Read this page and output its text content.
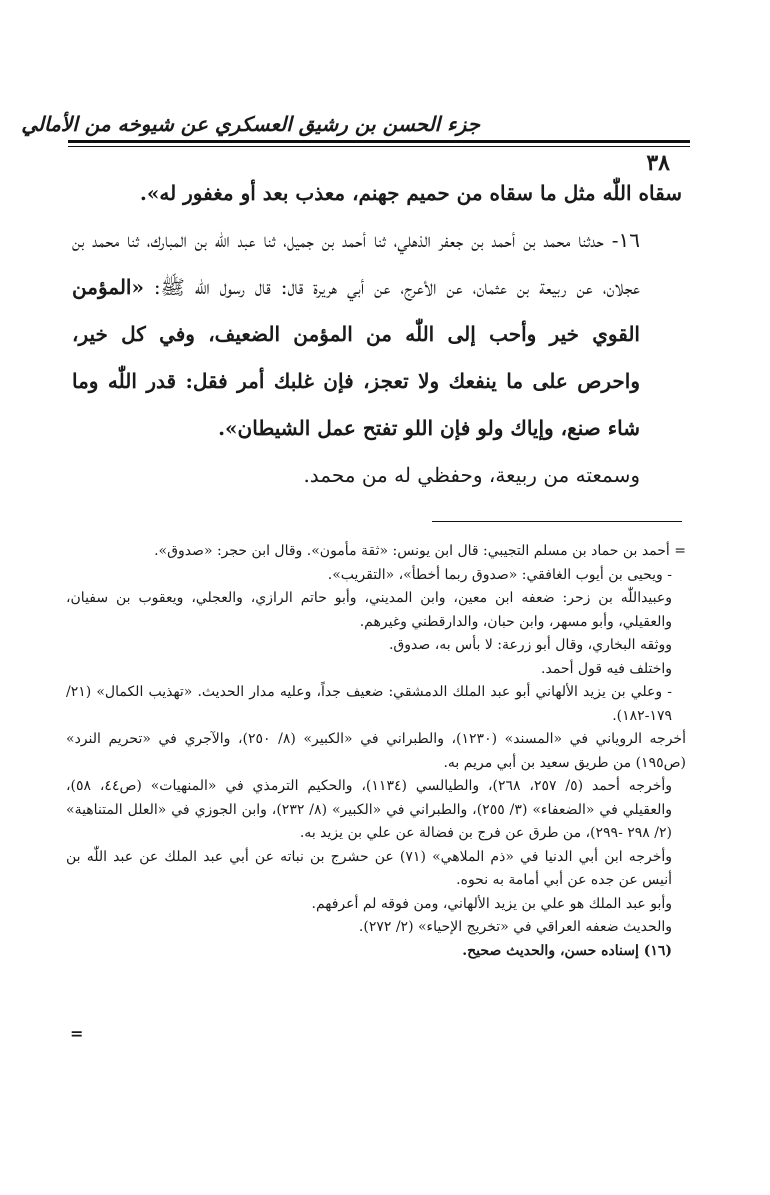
جزء الحسن بن رشيق العسكري عن شيوخه من الأمالي
٣٨

سقاه اللّٰه مثل ما سقاه من حميم جهنم، معذب بعد أو مغفور له».

١٦- حدثنا محمد بن أحمد بن جعفر الذهلي، ثنا أحمد بن جميل، ثنا عبد اللّٰه بن المبارك، ثنا محمد بن عجلان، عن ربيعة بن عثمان، عن الأعرج، عن أبي هريرة قال: قال رسول اللّٰه ﷺ: «المؤمن القوي خير وأحب إلى اللّٰه من المؤمن الضعيف، وفي كل خير، واحرص على ما ينفعك ولا تعجز، فإن غلبك أمر فقل: قدر اللّٰه وما شاء صنع، وإياك ولو فإن اللو تفتح عمل الشيطان».

وسمعته من ربيعة، وحفظي له من محمد.

= أحمد بن حماد بن مسلم التجيبي: قال ابن يونس: «ثقة مأمون». وقال ابن حجر: «صدوق».

- ويحيى بن أيوب الغافقي: «صدوق ربما أخطأ»، «التقريب».

وعبيداللّٰه بن زحر: ضعفه ابن معين، وابن المديني، وأبو حاتم الرازي، والعجلي، ويعقوب بن سفيان، والعقيلي، وأبو مسهر، وابن حبان، والدارقطني وغيرهم.

ووثقه البخاري، وقال أبو زرعة: لا بأس به، صدوق.

واختلف فيه قول أحمد.

- وعلي بن يزيد الألهاني أبو عبد الملك الدمشقي: ضعيف جداً، وعليه مدار الحديث. «تهذيب الكمال» (٢١/ ١٧٩-١٨٢).

أخرجه الروياني في «المسند» (١٢٣٠)، والطبراني في «الكبير» (٨/ ٢٥٠)، والآجري في «تحريم النرد» (ص١٩٥) من طريق سعيد بن أبي مريم به.

وأخرجه أحمد (٥/ ٢٥٧، ٢٦٨)، والطيالسي (١١٣٤)، والحكيم الترمذي في «المنهيات» (ص٤٤، ٥٨)، والعقيلي في «الضعفاء» (٣/ ٢٥٥)، والطبراني في «الكبير» (٨/ ٢٣٢)، وابن الجوزي في «العلل المتناهية» (٢/ ٢٩٨ -٢٩٩)، من طرق عن فرج بن فضالة عن علي بن يزيد به.

وأخرجه ابن أبي الدنيا في «ذم الملاهي» (٧١) عن حشرج بن نباته عن أبي عبد الملك عن عبد اللّٰه بن أنيس عن جده عن أبي أمامة به نحوه.

وأبو عبد الملك هو علي بن يزيد الألهاني، ومن فوقه لم أعرفهم.

والحديث ضعفه العراقي في «تخريج الإحياء» (٢/ ٢٧٢).

(١٦) إسناده حسن، والحديث صحيح.

=
